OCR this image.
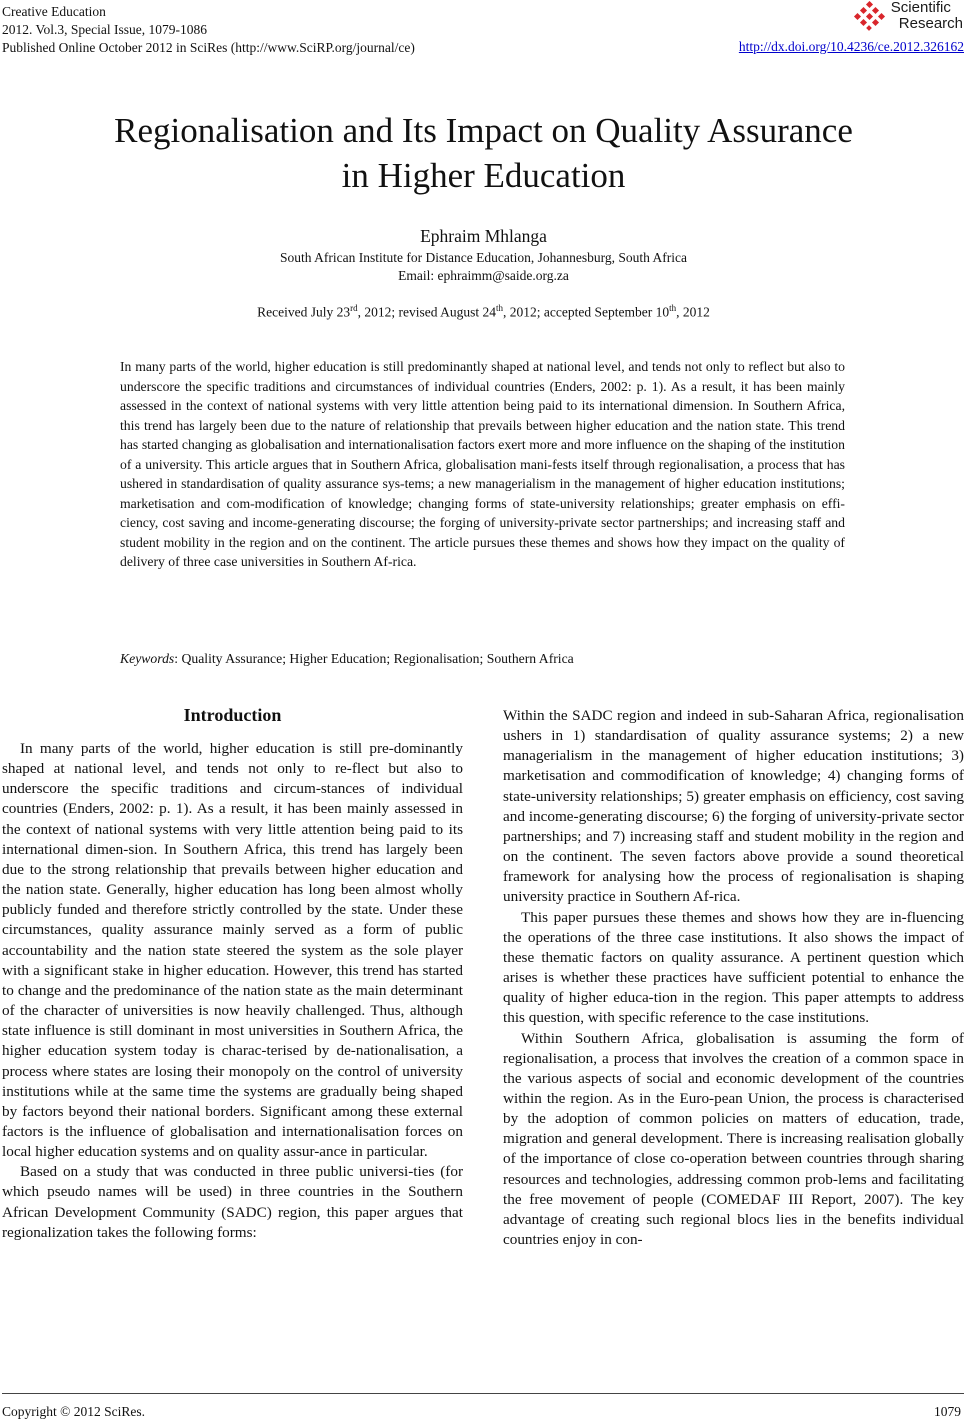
Creative Education
2012. Vol.3, Special Issue, 1079-1086
Published Online October 2012 in SciRes (http://www.SciRP.org/journal/ce)
Scientific
Research
http://dx.doi.org/10.4236/ce.2012.326162
Regionalisation and Its Impact on Quality Assurance
in Higher Education
Ephraim Mhlanga
South African Institute for Distance Education, Johannesburg, South Africa
Email: ephraimm@saide.org.za
Received July 23rd, 2012; revised August 24th, 2012; accepted September 10th, 2012
In many parts of the world, higher education is still predominantly shaped at national level, and tends not only to reflect but also to underscore the specific traditions and circumstances of individual countries (Enders, 2002: p. 1). As a result, it has been mainly assessed in the context of national systems with very little attention being paid to its international dimension. In Southern Africa, this trend has largely been due to the nature of relationship that prevails between higher education and the nation state. This trend has started changing as globalisation and internationalisation factors exert more and more influence on the shaping of the institution of a university. This article argues that in Southern Africa, globalisation mani-fests itself through regionalisation, a process that has ushered in standardisation of quality assurance sys-tems; a new managerialism in the management of higher education institutions; marketisation and com-modification of knowledge; changing forms of state-university relationships; greater emphasis on effi-ciency, cost saving and income-generating discourse; the forging of university-private sector partnerships; and increasing staff and student mobility in the region and on the continent. The article pursues these themes and shows how they impact on the quality of delivery of three case universities in Southern Af-rica.
Keywords: Quality Assurance; Higher Education; Regionalisation; Southern Africa
Introduction

In many parts of the world, higher education is still pre-dominantly shaped at national level, and tends not only to re-flect but also to underscore the specific traditions and circum-stances of individual countries (Enders, 2002: p. 1). As a result, it has been mainly assessed in the context of national systems with very little attention being paid to its international dimen-sion. In Southern Africa, this trend has largely been due to the strong relationship that prevails between higher education and the nation state. Generally, higher education has long been almost wholly publicly funded and therefore strictly controlled by the state. Under these circumstances, quality assurance mainly served as a form of public accountability and the nation state steered the system as the sole player with a significant stake in higher education. However, this trend has started to change and the predominance of the nation state as the main determinant of the character of universities is now heavily challenged. Thus, although state influence is still dominant in most universities in Southern Africa, the higher education system today is charac-terised by de-nationalisation, a process where states are losing their monopoly on the control of university institutions while at the same time the systems are gradually being shaped by factors beyond their national borders. Significant among these external factors is the influence of globalisation and internationalisation forces on local higher education systems and on quality assur-ance in particular.

Based on a study that was conducted in three public universi-ties (for which pseudo names will be used) in three countries in the Southern African Development Community (SADC) region, this paper argues that regionalization takes the following forms:

Within the SADC region and indeed in sub-Saharan Africa, regionalisation ushers in 1) standardisation of quality assurance systems; 2) a new managerialism in the management of higher education institutions; 3) marketisation and commodification of knowledge; 4) changing forms of state-university relationships; 5) greater emphasis on efficiency, cost saving and income-generating discourse; 6) the forging of university-private sector partnerships; and 7) increasing staff and student mobility in the region and on the continent. The seven factors above provide a sound theoretical framework for analysing how the process of regionalisation is shaping university practice in Southern Af-rica.

This paper pursues these themes and shows how they are in-fluencing the operations of the three case institutions. It also shows the impact of these thematic factors on quality assurance. A pertinent question which arises is whether these practices have sufficient potential to enhance the quality of higher educa-tion in the region. This paper attempts to address this question, with specific reference to the case institutions.

Within Southern Africa, globalisation is assuming the form of regionalisation, a process that involves the creation of a common space in the various aspects of social and economic development of the countries within the region. As in the Euro-pean Union, the process is characterised by the adoption of common policies on matters of education, trade, migration and general development. There is increasing realisation globally of the importance of close co-operation between countries through sharing resources and technologies, addressing common prob-lems and facilitating the free movement of people (COMEDAF III Report, 2007). The key advantage of creating such regional blocs lies in the benefits individual countries enjoy in con-

Copyright © 2012 SciRes.	1079
